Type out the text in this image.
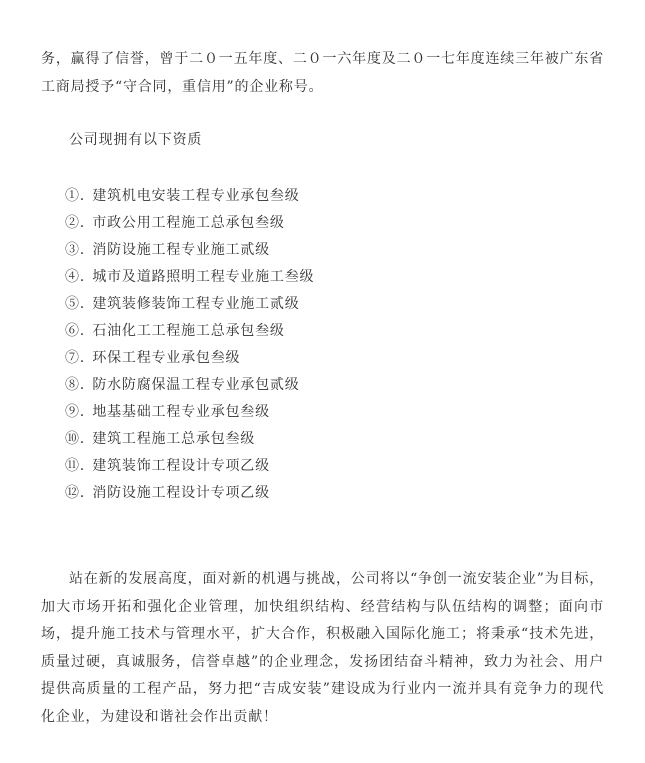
务，赢得了信誉，曾于二０一五年度、二０一六年度及二０一七年度连续三年被广东省工商局授予“守合同，重信用”的企业称号。

公司现拥有以下资质

①. 建筑机电安装工程专业承包叁级
②. 市政公用工程施工总承包叁级
③. 消防设施工程专业施工贰级
④. 城市及道路照明工程专业施工叁级
⑤. 建筑装修装饰工程专业施工贰级
⑥. 石油化工工程施工总承包叁级
⑦. 环保工程专业承包叁级
⑧. 防水防腐保温工程专业承包贰级
⑨. 地基基础工程专业承包叁级
⑩. 建筑工程施工总承包叁级
⑪. 建筑装饰工程设计专项乙级
⑫. 消防设施工程设计专项乙级

站在新的发展高度，面对新的机遇与挑战，公司将以“争创一流安装企业”为目标，加大市场开拓和强化企业管理，加快组织结构、经营结构与队伍结构的调整；面向市场，提升施工技术与管理水平，扩大合作，积极融入国际化施工；将秉承“技术先进，质量过硬，真诚服务，信誉卓越”的企业理念，发扬团结奋斗精神，致力为社会、用户提供高质量的工程产品，努力把“吉成安装”建设成为行业内一流并具有竞争力的现代化企业，为建设和谐社会作出贡献！
